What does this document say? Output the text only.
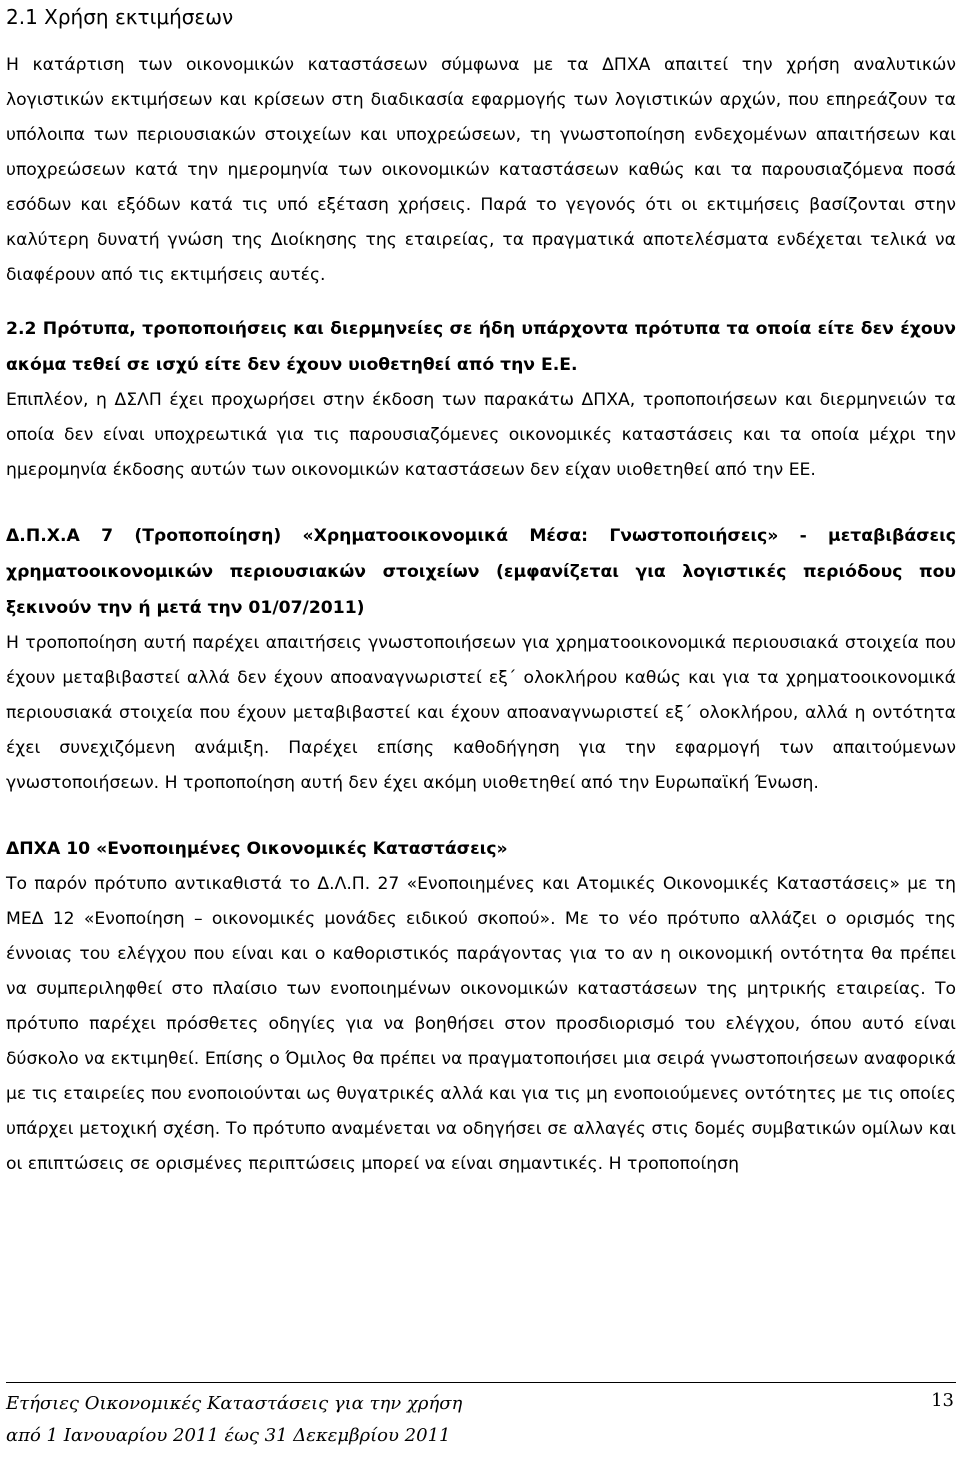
2.1 Χρήση εκτιμήσεων

Η κατάρτιση των οικονομικών καταστάσεων σύμφωνα με τα ΔΠΧΑ απαιτεί την χρήση αναλυτικών λογιστικών εκτιμήσεων και κρίσεων στη διαδικασία εφαρμογής των λογιστικών αρχών, που επηρεάζουν τα υπόλοιπα των περιουσιακών στοιχείων και υποχρεώσεων, τη γνωστοποίηση ενδεχομένων απαιτήσεων και υποχρεώσεων κατά την ημερομηνία των οικονομικών καταστάσεων καθώς και τα παρουσιαζόμενα ποσά εσόδων και εξόδων κατά τις υπό εξέταση χρήσεις. Παρά το γεγονός ότι οι εκτιμήσεις βασίζονται στην καλύτερη δυνατή γνώση της Διοίκησης της εταιρείας, τα πραγματικά αποτελέσματα ενδέχεται τελικά να διαφέρουν από τις εκτιμήσεις αυτές.

2.2 Πρότυπα, τροποποιήσεις και διερμηνείες σε ήδη υπάρχοντα πρότυπα τα οποία είτε δεν έχουν ακόμα τεθεί σε ισχύ είτε δεν έχουν υιοθετηθεί από την Ε.Ε.

Επιπλέον, η ΔΣΛΠ έχει προχωρήσει στην έκδοση των παρακάτω ΔΠΧΑ, τροποποιήσεων και διερμηνειών τα οποία δεν είναι υποχρεωτικά για τις παρουσιαζόμενες οικονομικές καταστάσεις και τα οποία μέχρι την ημερομηνία έκδοσης αυτών των οικονομικών καταστάσεων δεν είχαν υιοθετηθεί από την ΕΕ.

Δ.Π.Χ.Α 7 (Τροποποίηση) «Χρηματοοικονομικά Μέσα: Γνωστοποιήσεις» - μεταβιβάσεις χρηματοοικονομικών περιουσιακών στοιχείων (εμφανίζεται για λογιστικές περιόδους που ξεκινούν την ή μετά την 01/07/2011)

Η τροποποίηση αυτή παρέχει απαιτήσεις γνωστοποιήσεων για χρηματοοικονομικά περιουσιακά στοιχεία που έχουν μεταβιβαστεί αλλά δεν έχουν αποαναγνωριστεί εξ΄ ολοκλήρου καθώς και για τα χρηματοοικονομικά περιουσιακά στοιχεία που έχουν μεταβιβαστεί και έχουν αποαναγνωριστεί εξ΄ ολοκλήρου, αλλά η οντότητα έχει συνεχιζόμενη ανάμιξη. Παρέχει επίσης καθοδήγηση για την εφαρμογή των απαιτούμενων γνωστοποιήσεων. Η τροποποίηση αυτή δεν έχει ακόμη υιοθετηθεί από την Ευρωπαϊκή Ένωση.

ΔΠΧΑ 10 «Ενοποιημένες Οικονομικές Καταστάσεις»

Το παρόν πρότυπο αντικαθιστά το Δ.Λ.Π. 27 «Ενοποιημένες και Ατομικές Οικονομικές Καταστάσεις» με τη ΜΕΔ 12 «Ενοποίηση – οικονομικές μονάδες ειδικού σκοπού». Με το νέο πρότυπο αλλάζει ο ορισμός της έννοιας του ελέγχου που είναι και ο καθοριστικός παράγοντας για το αν η οικονομική οντότητα θα πρέπει να συμπεριληφθεί στο πλαίσιο των ενοποιημένων οικονομικών καταστάσεων της μητρικής εταιρείας. Το πρότυπο παρέχει πρόσθετες οδηγίες για να βοηθήσει στον προσδιορισμό του ελέγχου, όπου αυτό είναι δύσκολο να εκτιμηθεί. Επίσης ο Όμιλος θα πρέπει να πραγματοποιήσει μια σειρά γνωστοποιήσεων αναφορικά με τις εταιρείες που ενοποιούνται ως θυγατρικές αλλά και για τις μη ενοποιούμενες οντότητες με τις οποίες υπάρχει μετοχική σχέση. Το πρότυπο αναμένεται να οδηγήσει σε αλλαγές στις δομές συμβατικών ομίλων και οι επιπτώσεις σε ορισμένες περιπτώσεις μπορεί να είναι σημαντικές. Η τροποποίηση

Ετήσιες Οικονομικές Καταστάσεις για την χρήση
από 1 Ιανουαρίου 2011 έως 31 Δεκεμβρίου 2011
13
